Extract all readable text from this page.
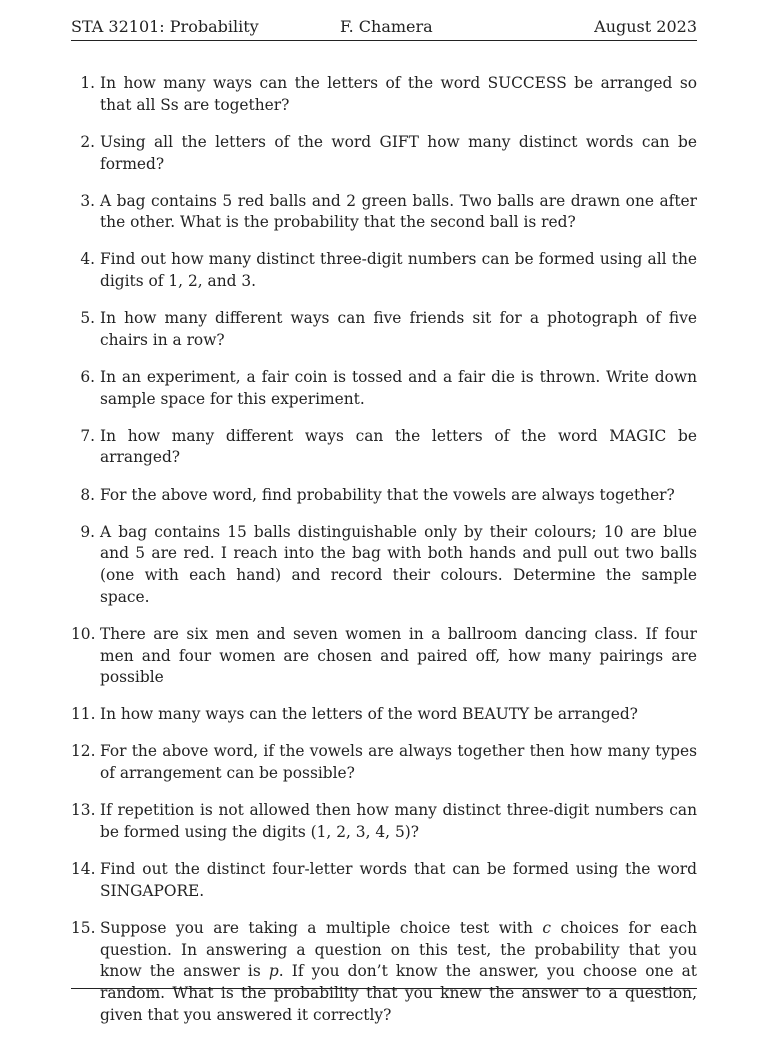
STA 32101: Probability	F. Chamera	August 2023
1. In how many ways can the letters of the word SUCCESS be arranged so that all Ss are together?
2. Using all the letters of the word GIFT how many distinct words can be formed?
3. A bag contains 5 red balls and 2 green balls. Two balls are drawn one after the other. What is the probability that the second ball is red?
4. Find out how many distinct three-digit numbers can be formed using all the digits of 1, 2, and 3.
5. In how many different ways can five friends sit for a photograph of five chairs in a row?
6. In an experiment, a fair coin is tossed and a fair die is thrown. Write down sample space for this experiment.
7. In how many different ways can the letters of the word MAGIC be arranged?
8. For the above word, find probability that the vowels are always together?
9. A bag contains 15 balls distinguishable only by their colours; 10 are blue and 5 are red. I reach into the bag with both hands and pull out two balls (one with each hand) and record their colours. Determine the sample space.
10. There are six men and seven women in a ballroom dancing class. If four men and four women are chosen and paired off, how many pairings are possible
11. In how many ways can the letters of the word BEAUTY be arranged?
12. For the above word, if the vowels are always together then how many types of arrangement can be possible?
13. If repetition is not allowed then how many distinct three-digit numbers can be formed using the digits (1, 2, 3, 4, 5)?
14. Find out the distinct four-letter words that can be formed using the word SINGAPORE.
15. Suppose you are taking a multiple choice test with c choices for each question. In answering a question on this test, the probability that you know the answer is p. If you don’t know the answer, you choose one at random. What is the probability that you knew the answer to a question, given that you answered it correctly?
